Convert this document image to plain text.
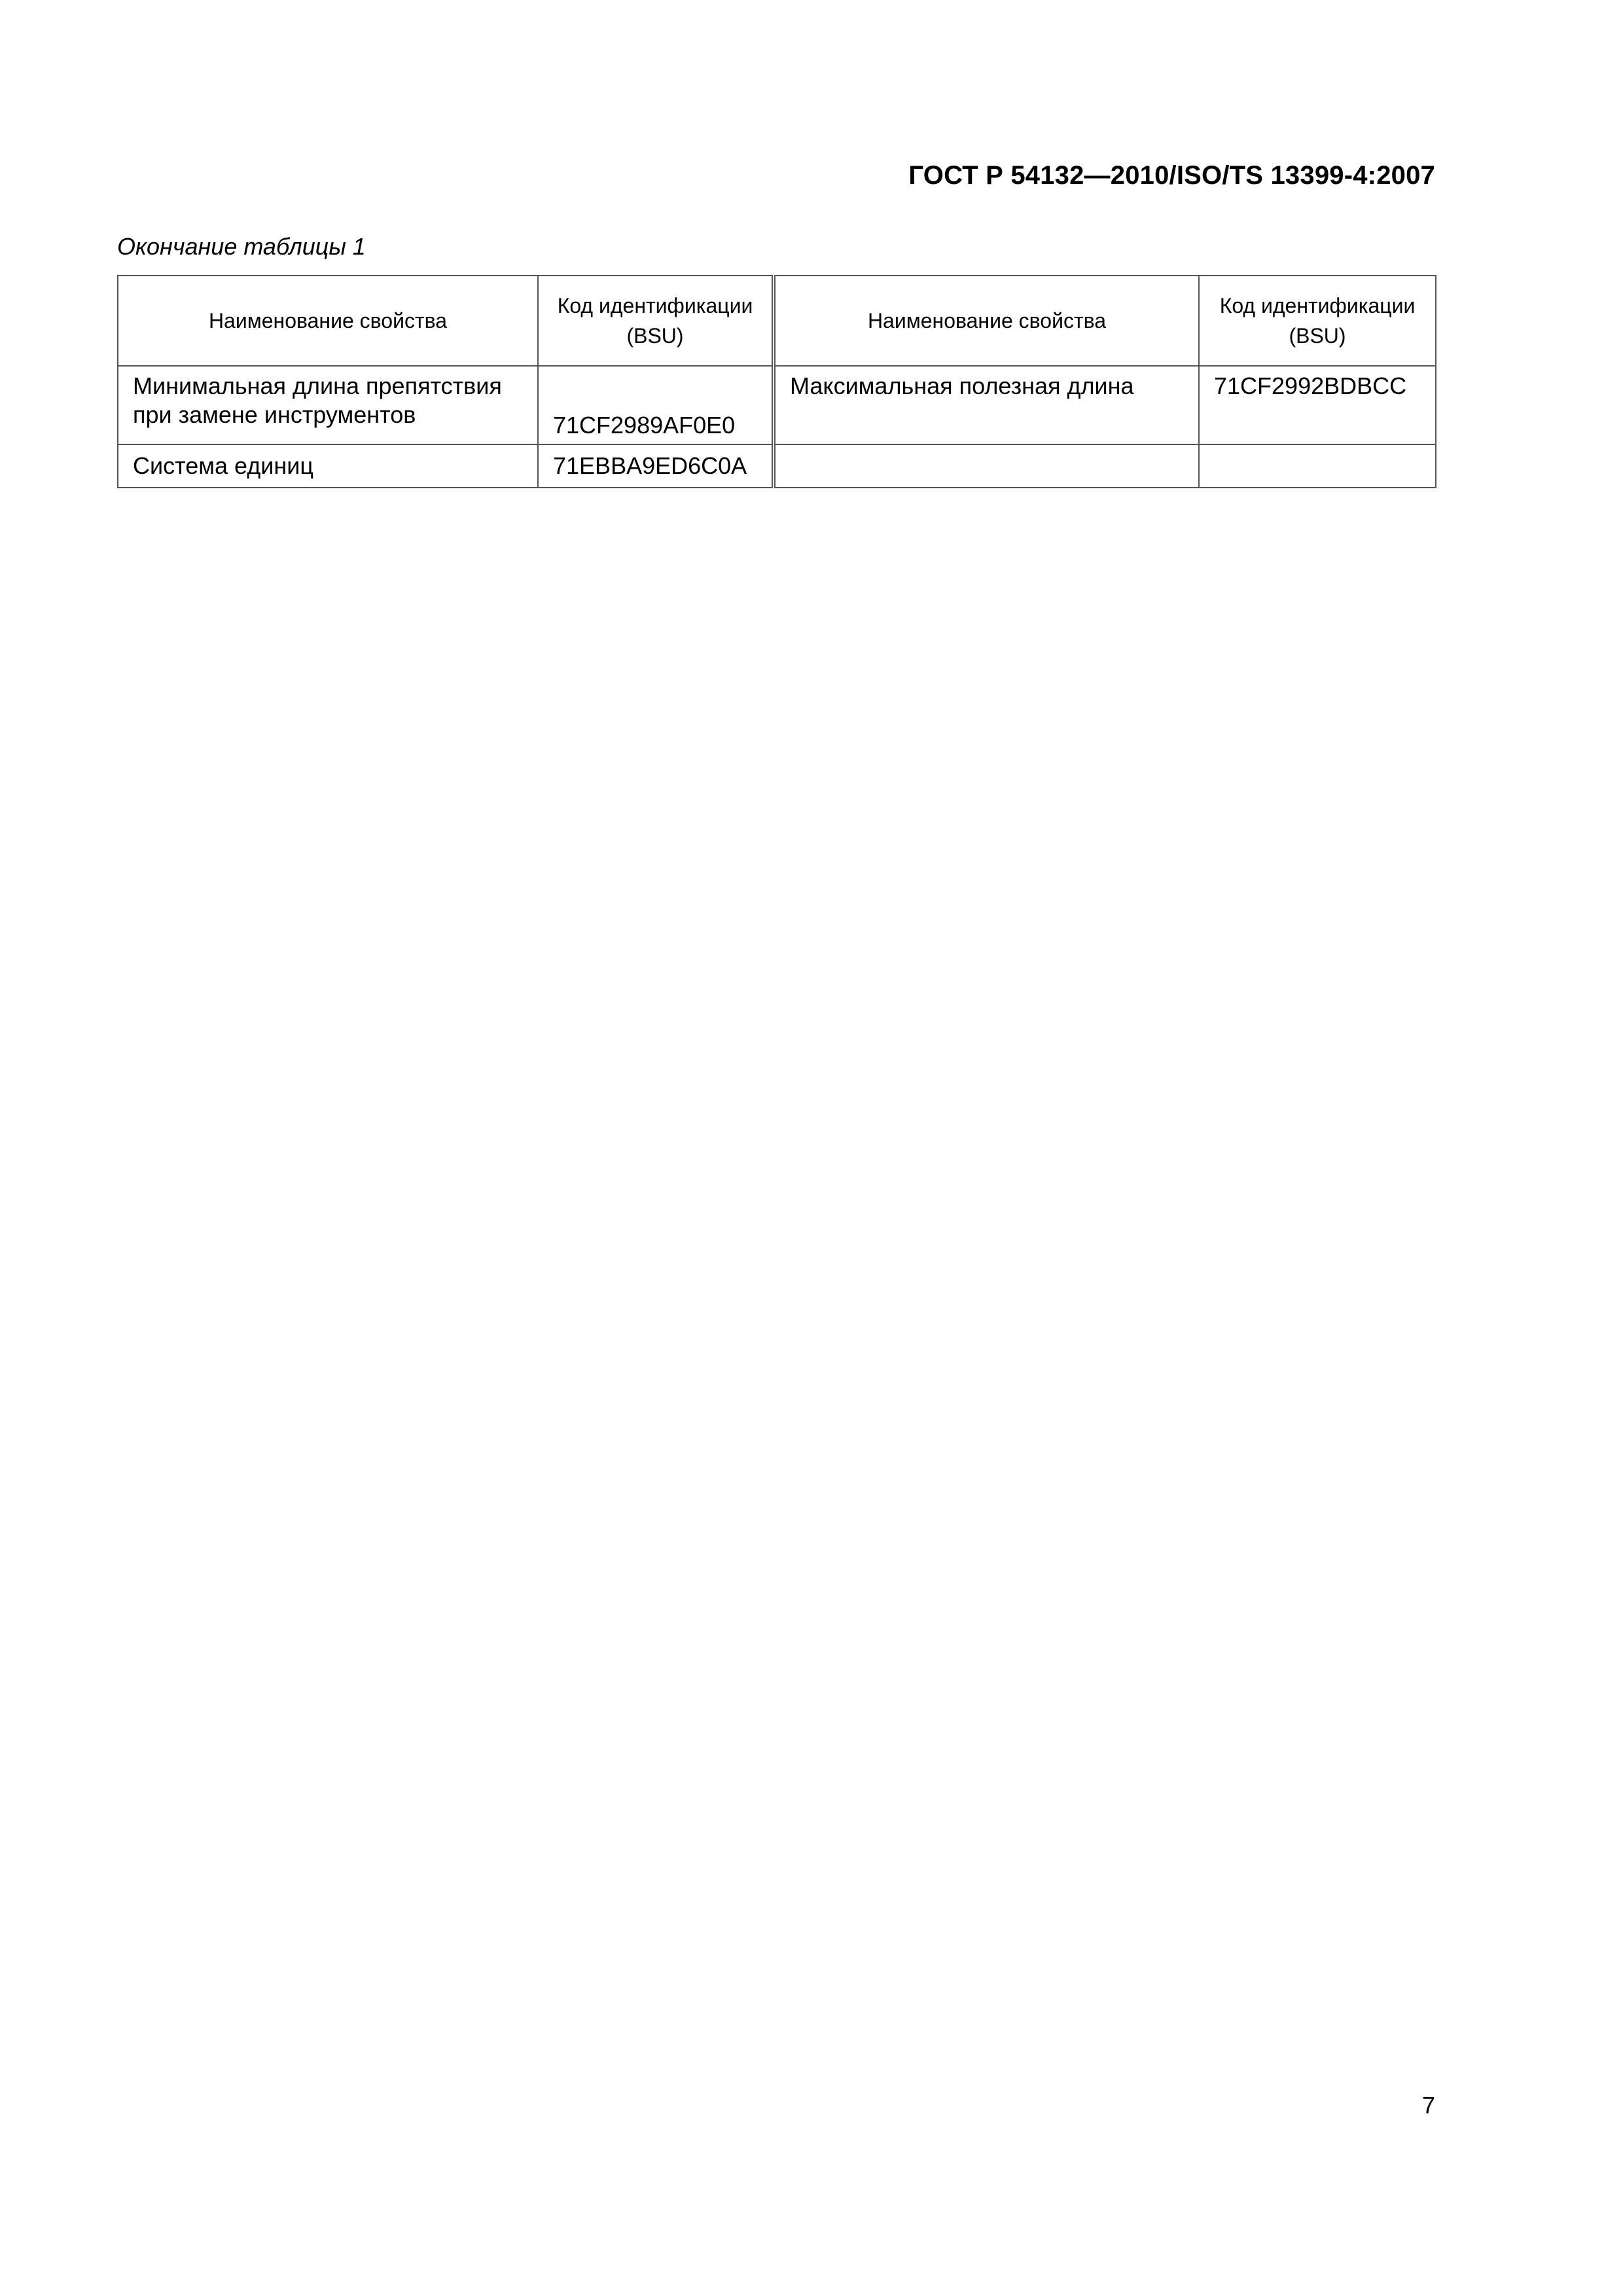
ГОСТ Р 54132—2010/ISO/TS 13399-4:2007
Окончание таблицы 1
Наименование свойства	Код идентификации (BSU)	Наименование свойства	Код идентификации (BSU)
Минимальная длина препятствия при замене инструментов	71CF2989AF0E0	Максимальная полезная длина	71CF2992BDBCC
Система единиц	71EBBA9ED6C0A		
7
